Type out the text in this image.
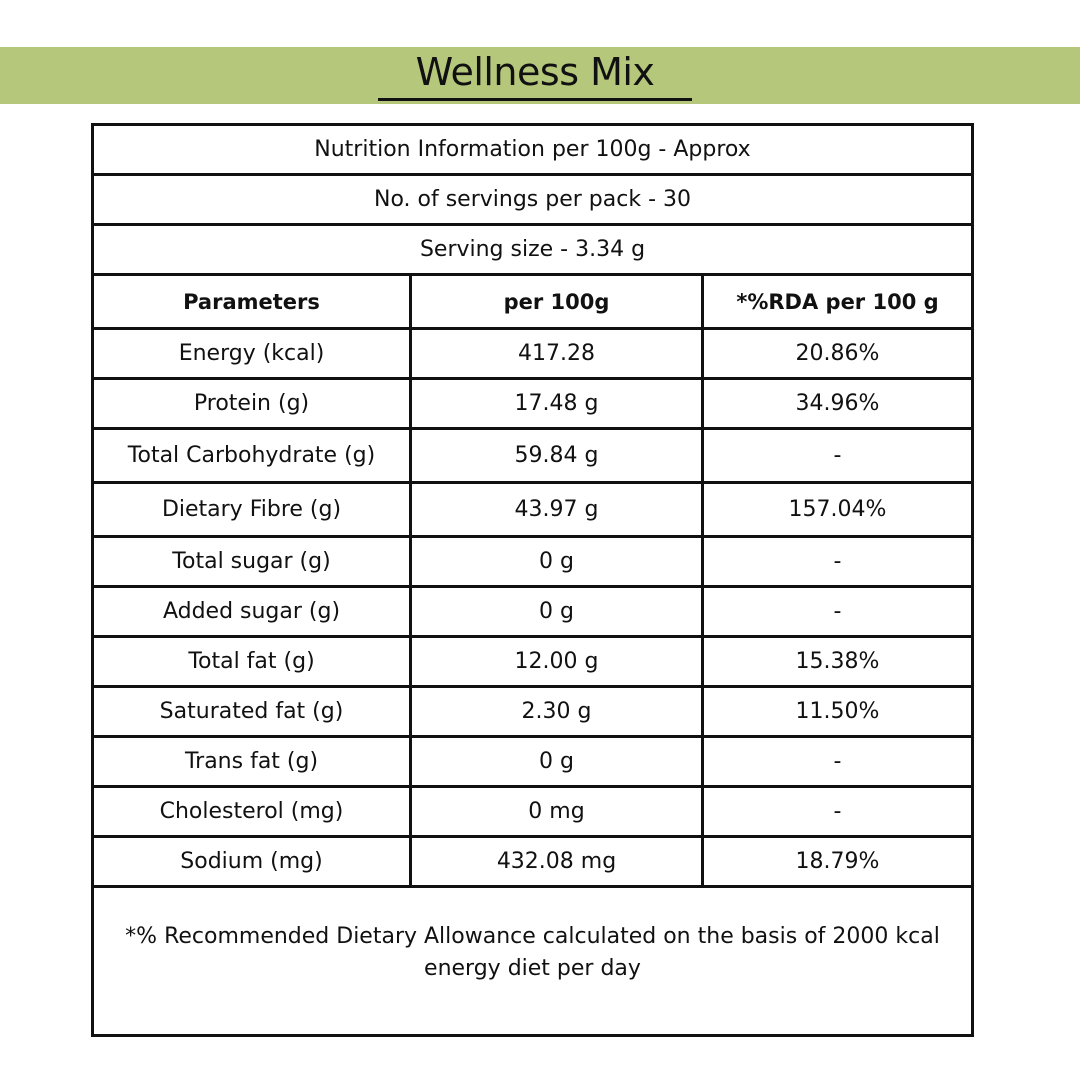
Wellness Mix
Nutrition Information per 100g - Approx
No. of servings per pack - 30
Serving size - 3.34 g
Parameters	per 100g	*%RDA per 100 g
Energy (kcal)	417.28	20.86%
Protein (g)	17.48 g	34.96%
Total Carbohydrate (g)	59.84 g	-
Dietary Fibre (g)	43.97 g	157.04%
Total sugar (g)	0 g	-
Added sugar (g)	0 g	-
Total fat (g)	12.00 g	15.38%
Saturated fat (g)	2.30 g	11.50%
Trans fat (g)	0 g	-
Cholesterol (mg)	0 mg	-
Sodium (mg)	432.08 mg	18.79%
*% Recommended Dietary Allowance calculated on the basis of 2000 kcal energy diet per day
